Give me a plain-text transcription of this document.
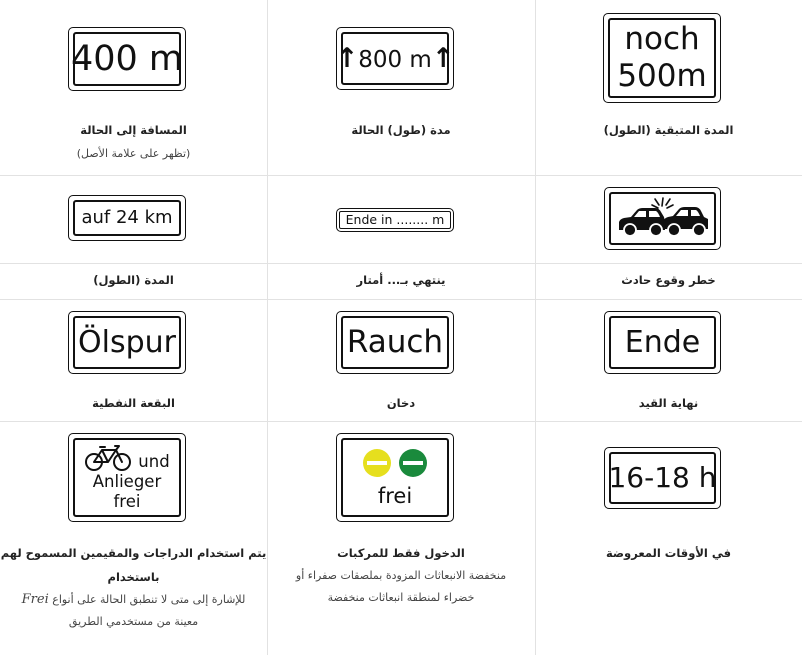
400 m
المسافة إلى الحالة
(تظهر على علامة الأصل)
↑800 m↑
مدة (طول) الحالة
noch
500m
المدة المتبقية (الطول)
auf 24 km
المدة (الطول)
Ende in ........ m
ينتهي بـ... أمتار	خطر وقوع حادث
Ölspur
البقعة النفطية
Rauch
دخان
Ende
نهاية القيد
und
Anlieger
frei
يتم استخدام الدراجات والمقيمين المسموح لهم
باستخدام
للإشارة إلى متى لا تنطبق الحالة على أنواع Frei
معينة من مستخدمي الطريق
frei
الدخول فقط للمركبات
منخفضة الانبعاثات المزودة بملصقات صفراء أو
خضراء لمنطقة انبعاثات منخفضة
16-18 h
في الأوقات المعروضة
